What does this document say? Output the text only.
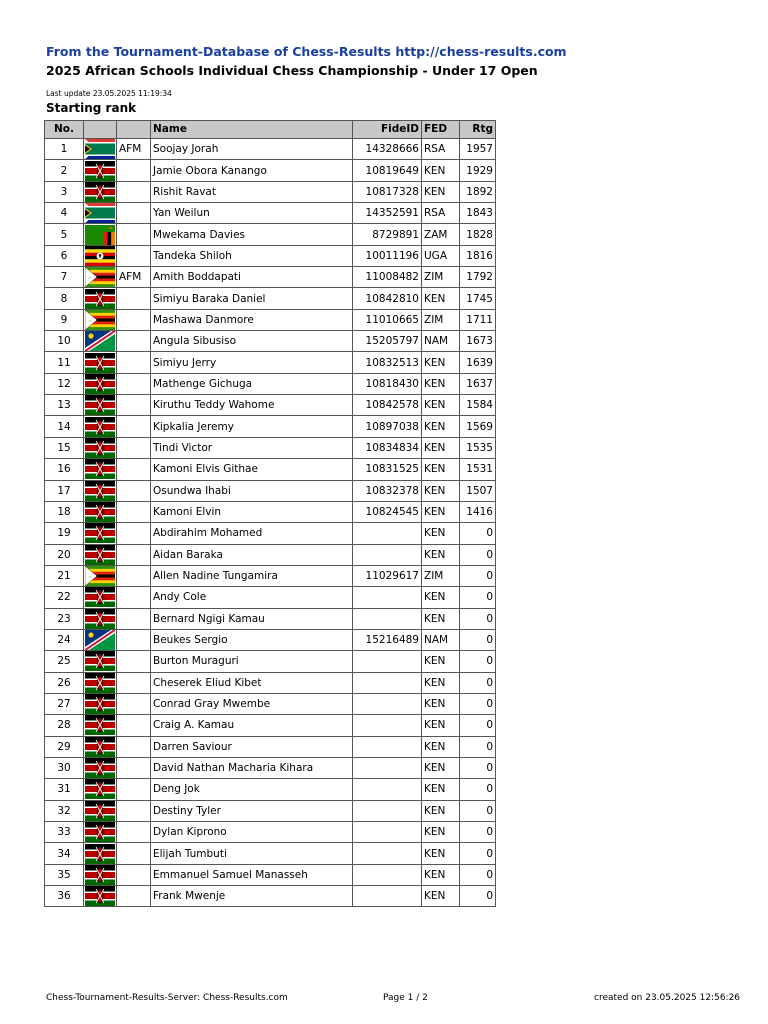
From the Tournament-Database of Chess-Results http://chess-results.com
2025 African Schools Individual Chess Championship - Under 17 Open
Last update 23.05.2025 11:19:34
Starting rank
No.			Name	FideID	FED	Rtg
1		AFM	Soojay Jorah	14328666	RSA	1957
2			Jamie Obora Kanango	10819649	KEN	1929
3			Rishit Ravat	10817328	KEN	1892
4			Yan Weilun	14352591	RSA	1843
5			Mwekama Davies	8729891	ZAM	1828
6			Tandeka Shiloh	10011196	UGA	1816
7		AFM	Amith Boddapati	11008482	ZIM	1792
8			Simiyu Baraka Daniel	10842810	KEN	1745
9			Mashawa Danmore	11010665	ZIM	1711
10			Angula Sibusiso	15205797	NAM	1673
11			Simiyu Jerry	10832513	KEN	1639
12			Mathenge Gichuga	10818430	KEN	1637
13			Kiruthu Teddy Wahome	10842578	KEN	1584
14			Kipkalia Jeremy	10897038	KEN	1569
15			Tindi Victor	10834834	KEN	1535
16			Kamoni Elvis Githae	10831525	KEN	1531
17			Osundwa Ihabi	10832378	KEN	1507
18			Kamoni Elvin	10824545	KEN	1416
19			Abdirahim Mohamed		KEN	0
20			Aidan Baraka		KEN	0
21			Allen Nadine Tungamira	11029617	ZIM	0
22			Andy Cole		KEN	0
23			Bernard Ngigi Kamau		KEN	0
24			Beukes Sergio	15216489	NAM	0
25			Burton Muraguri		KEN	0
26			Cheserek Eliud Kibet		KEN	0
27			Conrad Gray Mwembe		KEN	0
28			Craig A. Kamau		KEN	0
29			Darren Saviour		KEN	0
30			David Nathan Macharia Kihara		KEN	0
31			Deng Jok		KEN	0
32			Destiny Tyler		KEN	0
33			Dylan Kiprono		KEN	0
34			Elijah Tumbuti		KEN	0
35			Emmanuel Samuel Manasseh		KEN	0
36			Frank Mwenje		KEN	0
Chess-Tournament-Results-Server: Chess-Results.com	Page 1 / 2	created on 23.05.2025 12:56:26
